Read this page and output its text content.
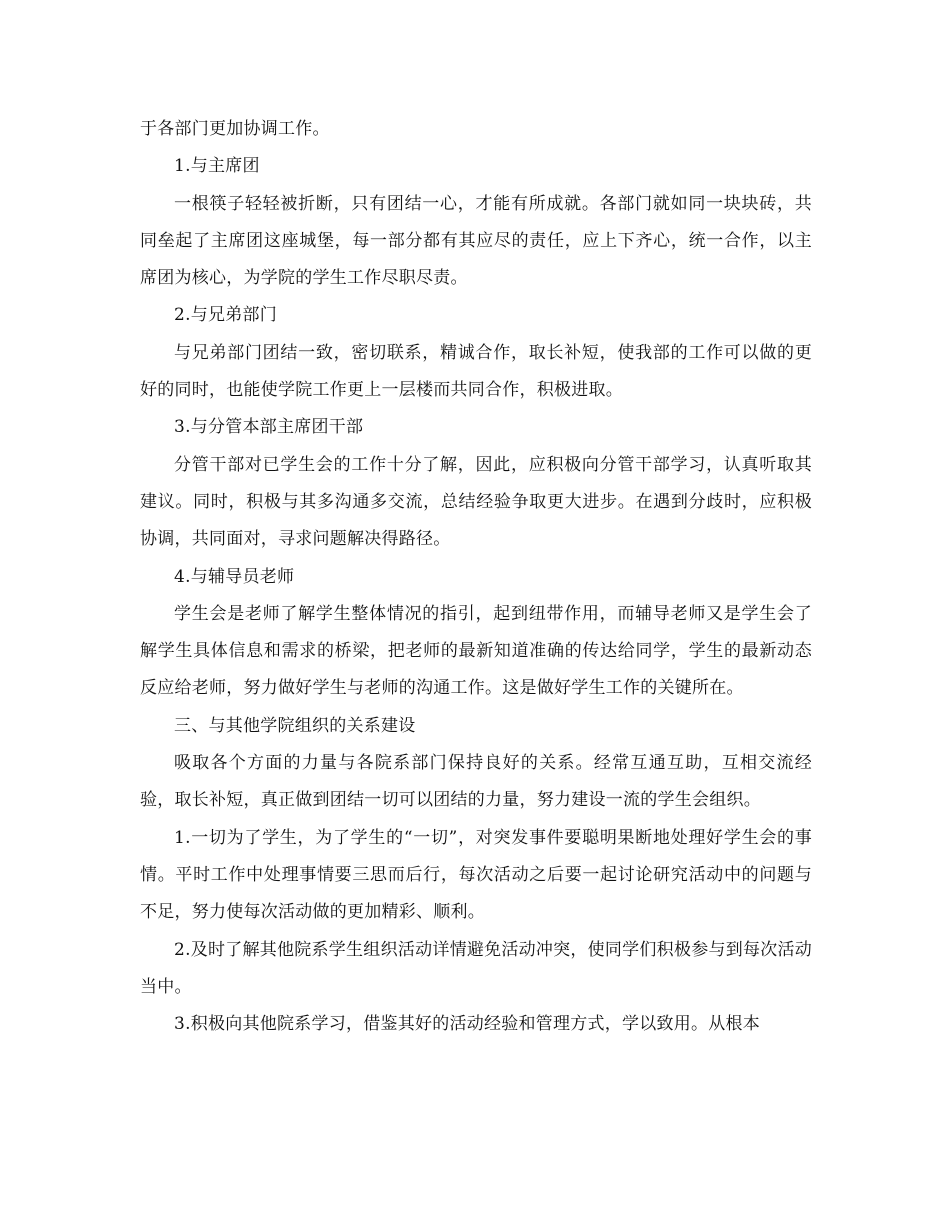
于各部门更加协调工作。

1.与主席团

一根筷子轻轻被折断，只有团结一心，才能有所成就。各部门就如同一块块砖，共同垒起了主席团这座城堡，每一部分都有其应尽的责任，应上下齐心，统一合作，以主席团为核心，为学院的学生工作尽职尽责。

2.与兄弟部门

与兄弟部门团结一致，密切联系，精诚合作，取长补短，使我部的工作可以做的更好的同时，也能使学院工作更上一层楼而共同合作，积极进取。

3.与分管本部主席团干部

分管干部对已学生会的工作十分了解，因此，应积极向分管干部学习，认真听取其建议。同时，积极与其多沟通多交流，总结经验争取更大进步。在遇到分歧时，应积极协调，共同面对，寻求问题解决得路径。

4.与辅导员老师

学生会是老师了解学生整体情况的指引，起到纽带作用，而辅导老师又是学生会了解学生具体信息和需求的桥梁，把老师的最新知道准确的传达给同学，学生的最新动态反应给老师，努力做好学生与老师的沟通工作。这是做好学生工作的关键所在。

三、与其他学院组织的关系建设

吸取各个方面的力量与各院系部门保持良好的关系。经常互通互助，互相交流经验，取长补短，真正做到团结一切可以团结的力量，努力建设一流的学生会组织。

1.一切为了学生，为了学生的“一切”，对突发事件要聪明果断地处理好学生会的事情。平时工作中处理事情要三思而后行，每次活动之后要一起讨论研究活动中的问题与不足，努力使每次活动做的更加精彩、顺利。

2.及时了解其他院系学生组织活动详情避免活动冲突，使同学们积极参与到每次活动当中。

3.积极向其他院系学习，借鉴其好的活动经验和管理方式，学以致用。从根本
